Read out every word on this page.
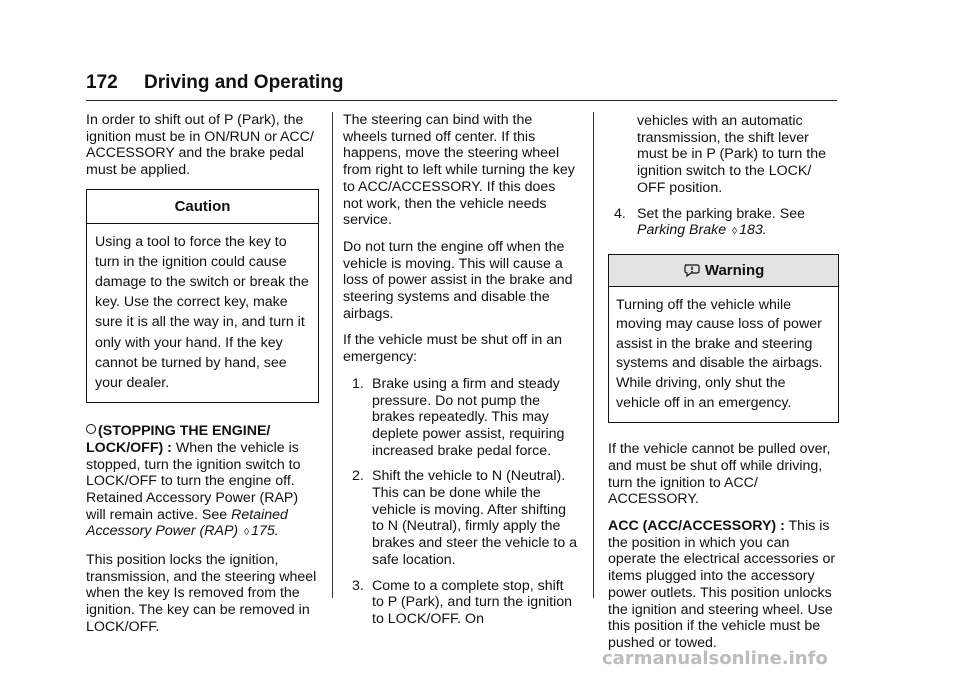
172 Driving and Operating

In order to shift out of P (Park), the ignition must be in ON/RUN or ACC/ ACCESSORY and the brake pedal must be applied.

Caution
Using a tool to force the key to turn in the ignition could cause damage to the switch or break the key. Use the correct key, make sure it is all the way in, and turn it only with your hand. If the key cannot be turned by hand, see your dealer.

(STOPPING THE ENGINE/ LOCK/OFF) : When the vehicle is stopped, turn the ignition switch to LOCK/OFF to turn the engine off. Retained Accessory Power (RAP) will remain active. See Retained Accessory Power (RAP) ◊ 175.

This position locks the ignition, transmission, and the steering wheel when the key Is removed from the ignition. The key can be removed in LOCK/OFF.

The steering can bind with the wheels turned off center. If this happens, move the steering wheel from right to left while turning the key to ACC/ACCESSORY. If this does not work, then the vehicle needs service.

Do not turn the engine off when the vehicle is moving. This will cause a loss of power assist in the brake and steering systems and disable the airbags.

If the vehicle must be shut off in an emergency:

1. Brake using a firm and steady pressure. Do not pump the brakes repeatedly. This may deplete power assist, requiring increased brake pedal force.
2. Shift the vehicle to N (Neutral). This can be done while the vehicle is moving. After shifting to N (Neutral), firmly apply the brakes and steer the vehicle to a safe location.
3. Come to a complete stop, shift to P (Park), and turn the ignition to LOCK/OFF. On
vehicles with an automatic transmission, the shift lever must be in P (Park) to turn the ignition switch to the LOCK/ OFF position.
4. Set the parking brake. See Parking Brake ◊ 183.
Warning
Turning off the vehicle while moving may cause loss of power assist in the brake and steering systems and disable the airbags. While driving, only shut the vehicle off in an emergency.

If the vehicle cannot be pulled over, and must be shut off while driving, turn the ignition to ACC/ ACCESSORY.

ACC (ACC/ACCESSORY) : This is the position in which you can operate the electrical accessories or items plugged into the accessory power outlets. This position unlocks the ignition and steering wheel. Use this position if the vehicle must be pushed or towed.

carmanualsonline.info
